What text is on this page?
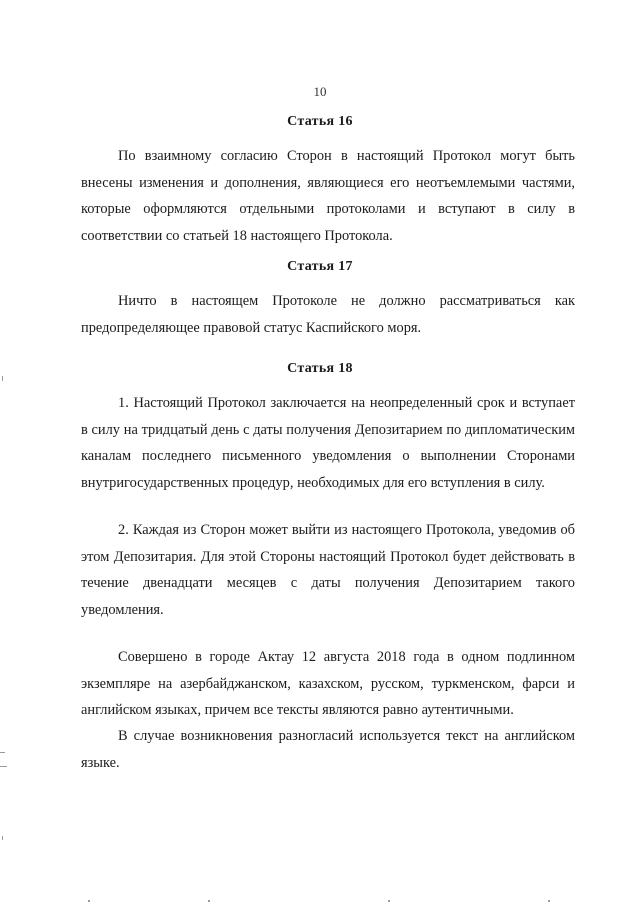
10
Статья 16

По взаимному согласию Сторон в настоящий Протокол могут быть внесены изменения и дополнения, являющиеся его неотъемлемыми частями, которые оформляются отдельными протоколами и вступают в силу в соответствии со статьей 18 настоящего Протокола.

Статья 17

Ничто в настоящем Протоколе не должно рассматриваться как предопределяющее правовой статус Каспийского моря.

Статья 18

1. Настоящий Протокол заключается на неопределенный срок и вступает в силу на тридцатый день с даты получения Депозитарием по дипломатическим каналам последнего письменного уведомления о выполнении Сторонами внутригосударственных процедур, необходимых для его вступления в силу.

2. Каждая из Сторон может выйти из настоящего Протокола, уведомив об этом Депозитария. Для этой Стороны настоящий Протокол будет действовать в течение двенадцати месяцев с даты получения Депозитарием такого уведомления.

Совершено в городе Актау 12 августа 2018 года в одном подлинном экземпляре на азербайджанском, казахском, русском, туркменском, фарси и английском языках, причем все тексты являются равно аутентичными.

В случае возникновения разногласий используется текст на английском языке.
